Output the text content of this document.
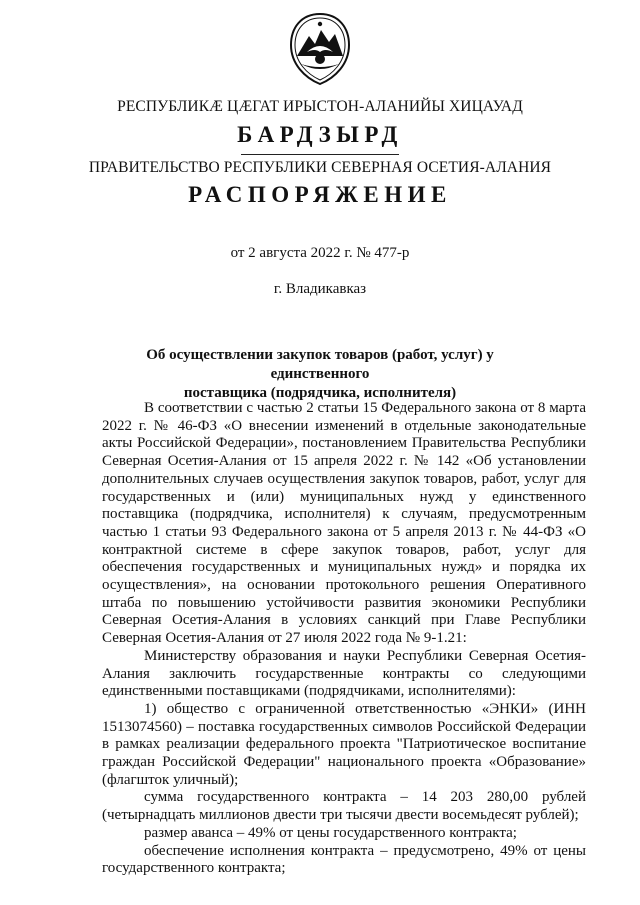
РЕСПУБЛИКӔ ЦӔГАТ ИРЫСТОН-АЛАНИЙЫ ХИЦАУАД
БАРДЗЫРД
ПРАВИТЕЛЬСТВО РЕСПУБЛИКИ СЕВЕРНАЯ ОСЕТИЯ-АЛАНИЯ
РАСПОРЯЖЕНИЕ
от 2 августа 2022 г. № 477-р
г. Владикавказ
Об осуществлении закупок товаров (работ, услуг) у единственного
поставщика (подрядчика, исполнителя)

В соответствии с частью 2 статьи 15 Федерального закона от 8 марта 2022 г. № 46-ФЗ «О внесении изменений в отдельные законодательные акты Российской Федерации», постановлением Правительства Республики Северная Осетия-Алания от 15 апреля 2022 г. № 142 «Об установлении дополнительных случаев осуществления закупок товаров, работ, услуг для государственных и (или) муниципальных нужд у единственного поставщика (подрядчика, исполнителя) к случаям, предусмотренным частью 1 статьи 93 Федерального закона от 5 апреля 2013 г. № 44-ФЗ «О контрактной системе в сфере закупок товаров, работ, услуг для обеспечения государственных и муниципальных нужд» и порядка их осуществления», на основании протокольного решения Оперативного штаба по повышению устойчивости развития экономики Республики Северная Осетия-Алания в условиях санкций при Главе Республики Северная Осетия-Алания от 27 июля 2022 года № 9-1.21:

Министерству образования и науки Республики Северная Осетия-Алания заключить государственные контракты со следующими единственными поставщиками (подрядчиками, исполнителями):

1) общество с ограниченной ответственностью «ЭНКИ» (ИНН 1513074560) – поставка государственных символов Российской Федерации в рамках реализации федерального проекта "Патриотическое воспитание граждан Российской Федерации" национального проекта «Образование» (флагшток уличный);

сумма государственного контракта – 14 203 280,00 рублей (четырнадцать миллионов двести три тысячи двести восемьдесят рублей);

размер аванса – 49% от цены государственного контракта;

обеспечение исполнения контракта – предусмотрено, 49% от цены государственного контракта;
